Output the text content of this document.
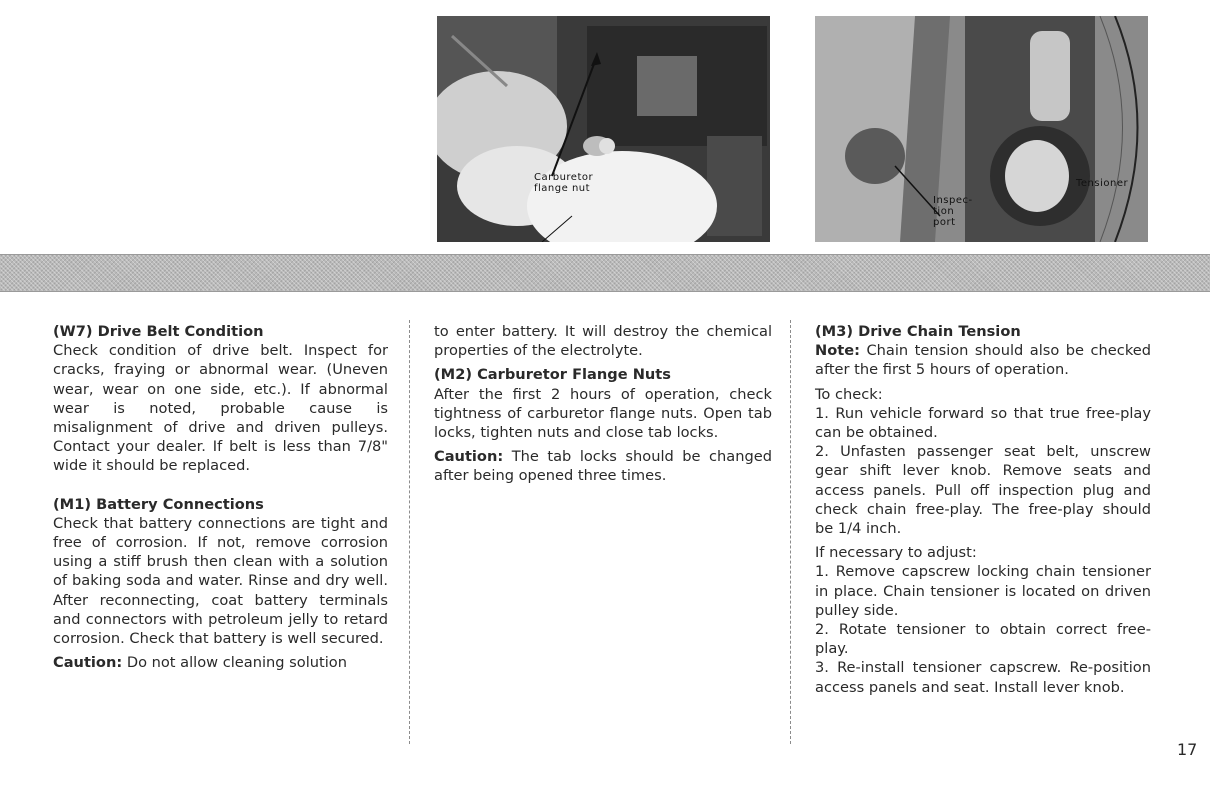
Carburetor
flange nut
Inspec-
tion
port
Tensioner
(W7) Drive Belt Condition

Check condition of drive belt. Inspect for cracks, fraying or abnormal wear. (Uneven wear, wear on one side, etc.). If abnormal wear is noted, probable cause is misalignment of drive and driven pulleys. Contact your dealer. If belt is less than 7/8" wide it should be replaced.

(M1) Battery Connections

Check that battery connections are tight and free of corrosion. If not, remove corrosion using a stiff brush then clean with a solution of baking soda and water. Rinse and dry well. After reconnecting, coat battery terminals and connectors with petroleum jelly to retard corrosion. Check that battery is well secured.

Caution: Do not allow cleaning solution

to enter battery. It will destroy the chemical properties of the electrolyte.

(M2) Carburetor Flange Nuts

After the first 2 hours of operation, check tightness of carburetor flange nuts. Open tab locks, tighten nuts and close tab locks.

Caution: The tab locks should be changed after being opened three times.

(M3) Drive Chain Tension

Note: Chain tension should also be checked after the first 5 hours of operation.

To check:

1. Run vehicle forward so that true free-play can be obtained.

2. Unfasten passenger seat belt, unscrew gear shift lever knob. Remove seats and access panels. Pull off inspection plug and check chain free-play. The free-play should be 1/4 inch.

If necessary to adjust:

1. Remove capscrew locking chain tensioner in place. Chain tensioner is located on driven pulley side.

2. Rotate tensioner to obtain correct free-play.

3. Re-install tensioner capscrew. Re-position access panels and seat. Install lever knob.

17
